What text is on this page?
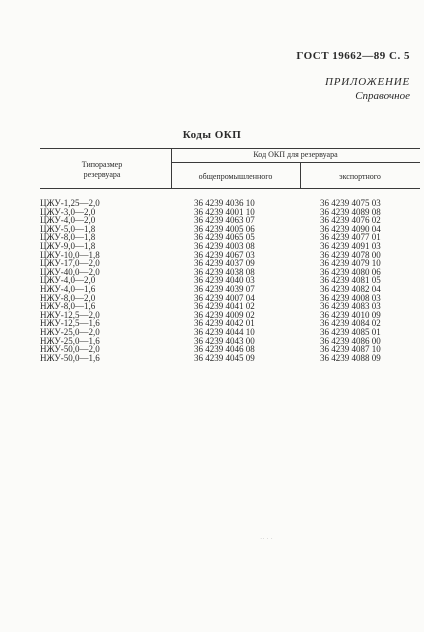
ГОСТ 19662—89 С. 5
ПРИЛОЖЕНИЕ
Справочное
Коды ОКП
Типоразмер
резервуара
Код ОКП для резервуара
общепромышленного	экспортного
ЦЖУ-1,25—2,0	36 4239 4036 10	36 4239 4075 03
ЦЖУ-3,0—2,0	36 4239 4001 10	36 4239 4089 08
ЦЖУ-4,0—2,0	36 4239 4063 07	36 4239 4076 02
ЦЖУ-5,0—1,8	36 4239 4005 06	36 4239 4090 04
ЦЖУ-8,0—1,8	36 4239 4065 05	36 4239 4077 01
ЦЖУ-9,0—1,8	36 4239 4003 08	36 4239 4091 03
ЦЖУ-10,0—1,8	36 4239 4067 03	36 4239 4078 00
ЦЖУ-17,0—2,0	36 4239 4037 09	36 4239 4079 10
ЦЖУ-40,0—2,0	36 4239 4038 08	36 4239 4080 06
ЦЖУ-4,0—2,0	36 4239 4040 03	36 4239 4081 05
НЖУ-4,0—1,6	36 4239 4039 07	36 4239 4082 04
НЖУ-8,0—2,0	36 4239 4007 04	36 4239 4008 03
НЖУ-8,0—1,6	36 4239 4041 02	36 4239 4083 03
НЖУ-12,5—2,0	36 4239 4009 02	36 4239 4010 09
НЖУ-12,5—1,6	36 4239 4042 01	36 4239 4084 02
НЖУ-25,0—2,0	36 4239 4044 10	36 4239 4085 01
НЖУ-25,0—1,6	36 4239 4043 00	36 4239 4086 00
НЖУ-50,0—2,0	36 4239 4046 08	36 4239 4087 10
НЖУ-50,0—1,6	36 4239 4045 09	36 4239 4088 09
·· · ·
